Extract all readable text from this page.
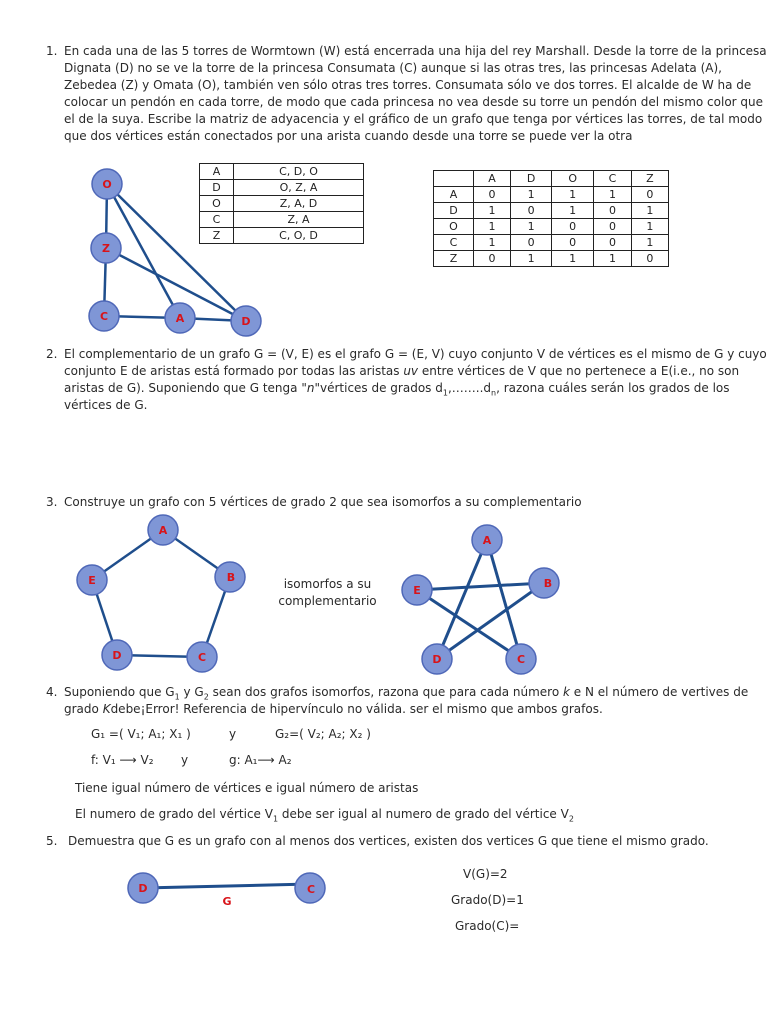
1. En cada una de las 5 torres de Wormtown (W) está encerrada una hija del rey Marshall. Desde la torre de la princesa
Dignata (D) no se ve la torre de la princesa Consumata (C) aunque si las otras tres, las princesas Adelata (A),
Zebedea (Z) y Omata (O), también ven sólo otras tres torres. Consumata sólo ve dos torres. El alcalde de W ha de
colocar un pendón en cada torre, de modo que cada princesa no vea desde su torre un pendón del mismo color que
el de la suya. Escribe la matriz de adyacencia y el gráfico de un grafo que tenga por vértices las torres, de tal modo
que dos vértices están conectados por una arista cuando desde una torre se puede ver la otra
O
Z
C	A	D
A	C, D, O
D	O, Z, A
O	Z, A, D
C	Z, A
Z	C, O, D
	A	D	O	C	Z
A	0	1	1	1	0
D	1	0	1	0	1
O	1	1	0	0	1
C	1	0	0	0	1
Z	0	1	1	1	0
2. El complementario de un grafo G = (V, E) es el grafo G = (E, V) cuyo conjunto V de vértices es el mismo de G y cuyo
conjunto E de aristas está formado por todas las aristas uv entre vértices de V que no pertenece a E(i.e., no son
aristas de G). Suponiendo que G tenga "n"vértices de grados $d_1,\dots\dots..d_n$, razona cuáles serán los grados de los
vértices de G.
3. Construye un grafo con 5 vértices de grado 2 que sea isomorfos a su complementario
A
B
C
D
E	isomorfos a su
complementario
A
B
C
D
E
4. Suponiendo que $G_1$ y $G_2$ sean dos grafos isomorfos, razona que para cada número k e N el número de vertives de
grado Kdebe¡Error! Referencia de hipervínculo no válida. ser el mismo que ambos grafos.
G₁ =( V₁; A₁; X₁ )	y	G₂=( V₂; A₂; X₂ )
f: V₁ ⟶ V₂ y	g: A₁⟶ A₂
Tiene igual número de vértices e igual número de aristas
El numero de grado del vértice $V_1$ debe ser igual al numero de grado del vértice $V_2$
5. Demuestra que G es un grafo con al menos dos vertices, existen dos vertices G que tiene el mismo grado.
D	C
G
V(G)=2
Grado(D)=1
Grado(C)=
